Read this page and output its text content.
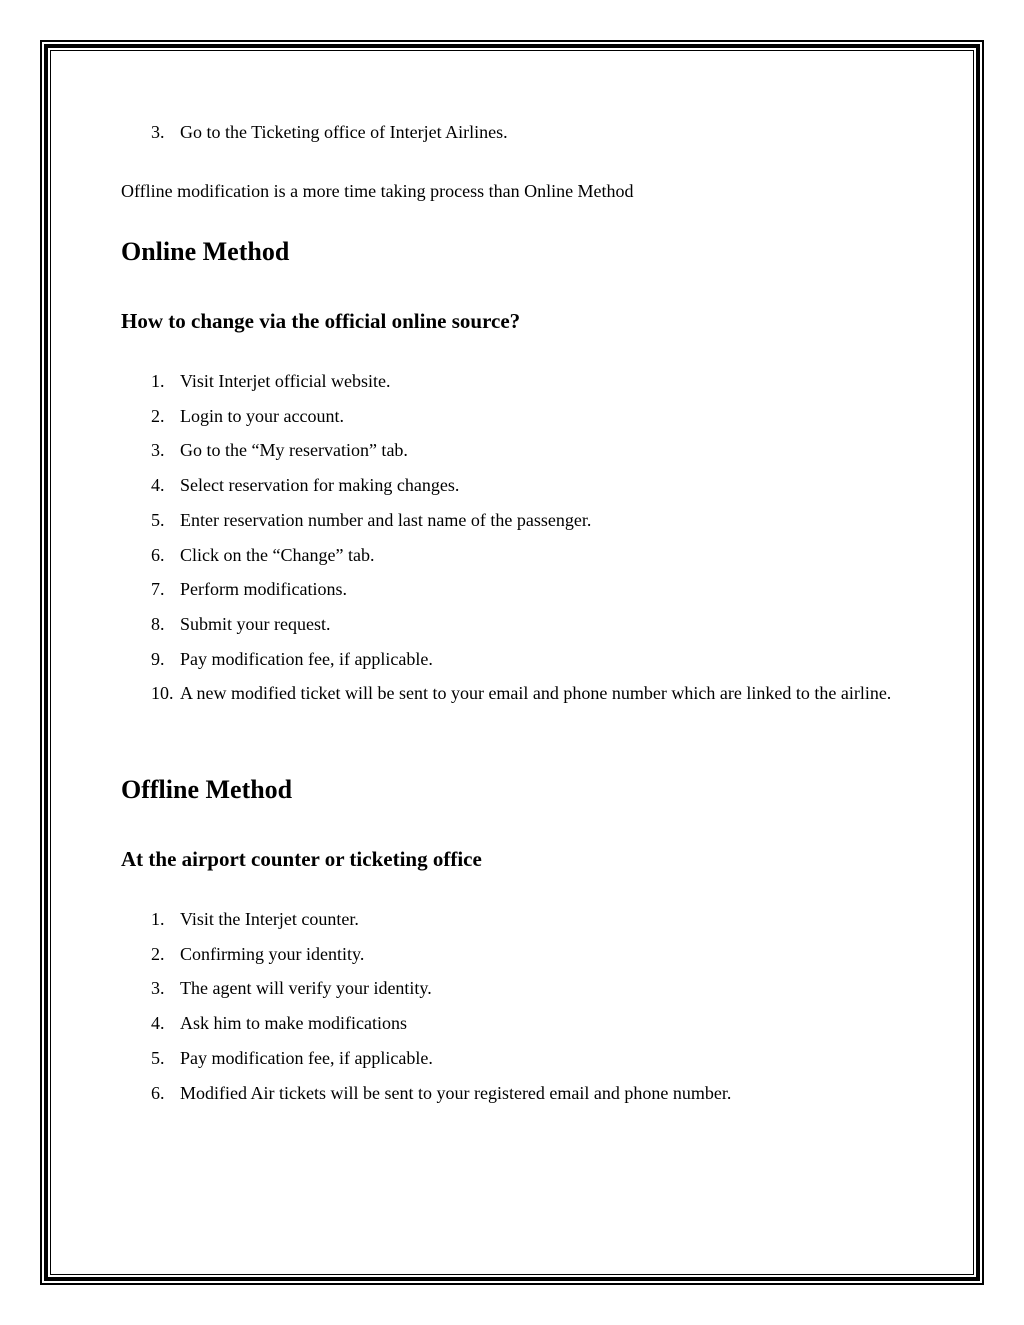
3. Go to the Ticketing office of Interjet Airlines.

Offline modification is a more time taking process than Online Method

Online Method
How to change via the official online source?
1. Visit Interjet official website.
2. Login to your account.
3. Go to the “My reservation” tab.
4. Select reservation for making changes.
5. Enter reservation number and last name of the passenger.
6. Click on the “Change” tab.
7. Perform modifications.
8. Submit your request.
9. Pay modification fee, if applicable.
10. A new modified ticket will be sent to your email and phone number which are linked to the airline.
Offline Method
At the airport counter or ticketing office
1. Visit the Interjet counter.
2. Confirming your identity.
3. The agent will verify your identity.
4. Ask him to make modifications
5. Pay modification fee, if applicable.
6. Modified Air tickets will be sent to your registered email and phone number.
